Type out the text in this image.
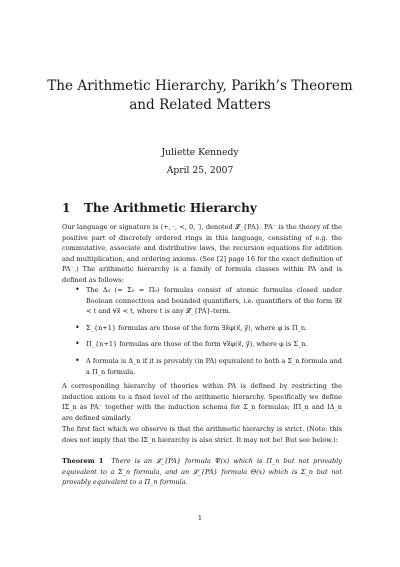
The Arithmetic Hierarchy, Parikh’s Theorem and Related Matters
Juliette Kennedy
April 25, 2007
1 The Arithmetic Hierarchy
Our language or signature is ⟨+, ·, <, 0, ′⟩, denoted 𝓛_{PA}. PA⁻ is the theory of the positive part of discretely ordered rings in this language, consisting of e.g. the commutative, associate and distributive laws, the recursion equations for addition and multiplication, and ordering axioms. (See [2] page 16 for the exact definition of PA⁻.) The arithmetic hierarchy is a family of formula classes within PA and is defined as follows:
• The Δ₀ (= Σ₀ = Π₀) formulas consist of atomic formulas closed under Boolean connectives and bounded quantifiers, i.e. quantifiers of the form ∃x⃗ < t and ∀x⃗ < t, where t is any 𝓛_{PA}-term.
• Σ_{n+1} formulas are those of the form ∃x⃗φ(x⃗, y⃗), where φ is Π_n.
• Π_{n+1} formulas are those of the form ∀x⃗φ(x⃗, y⃗), where φ is Σ_n.
• A formula is Δ_n if it is provably (in PA) equivalent to both a Σ_n formula and a Π_n formula.
A corresponding hierarchy of theories within PA is defined by restricting the induction axiom to a fixed level of the arithmetic hierarchy. Specifically we define IΣ_n as PA⁻ together with the induction schema for Σ_n formulas; IΠ_n and IΔ_n are defined similarly.
The first fact which we observe is that the arithmetic hierarchy is strict. (Note: this does not imply that the IΣ_n hierarchy is also strict. It may not be! But see below.):
Theorem 1 There is an 𝓛_{PA} formula Ψ(x) which is Π_n but not provably equivalent to a Σ_n formula, and an 𝓛_{PA} formula Θ(x) which is Σ_n but not provably equivalent to a Π_n formula.
1
